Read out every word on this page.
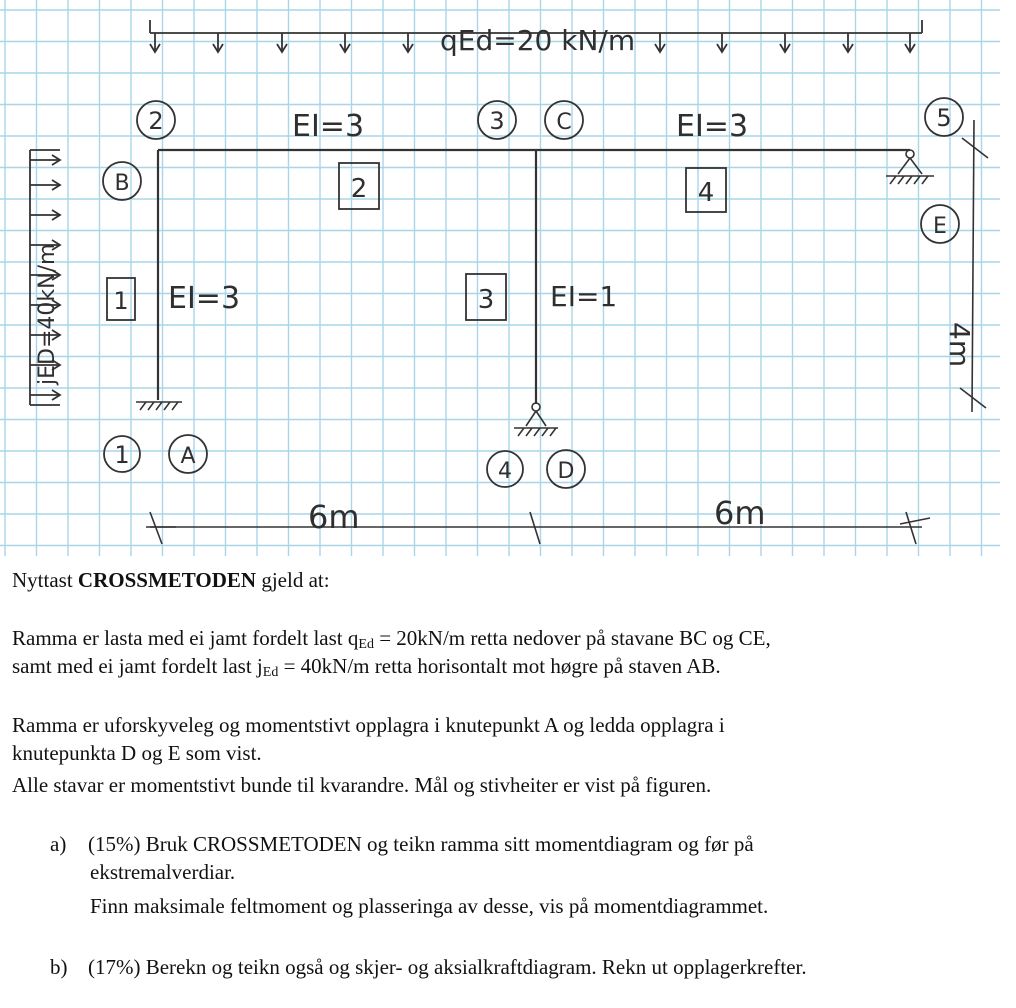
qEd=20 kN/m
jED=40kN/m
1
2	3
4
5
A
B
C
D
E
1
2
3
4
EI=3	EI=3
EI=3	EI=1
6m	6m
4m
Nyttast CROSSMETODEN gjeld at:
Ramma er lasta med ei jamt fordelt last qEd = 20kN/m retta nedover på stavane BC og CE,
samt med ei jamt fordelt last jEd = 40kN/m retta horisontalt mot høgre på staven AB.
Ramma er uforskyveleg og momentstivt opplagra i knutepunkt A og ledda opplagra i
knutepunkta D og E som vist.
Alle stavar er momentstivt bunde til kvarandre. Mål og stivheiter er vist på figuren.
a) (15%) Bruk CROSSMETODEN og teikn ramma sitt momentdiagram og før på
ekstremalverdiar.
Finn maksimale feltmoment og plasseringa av desse, vis på momentdiagrammet.
b) (17%) Berekn og teikn også og skjer- og aksialkraftdiagram. Rekn ut opplagerkrefter.
